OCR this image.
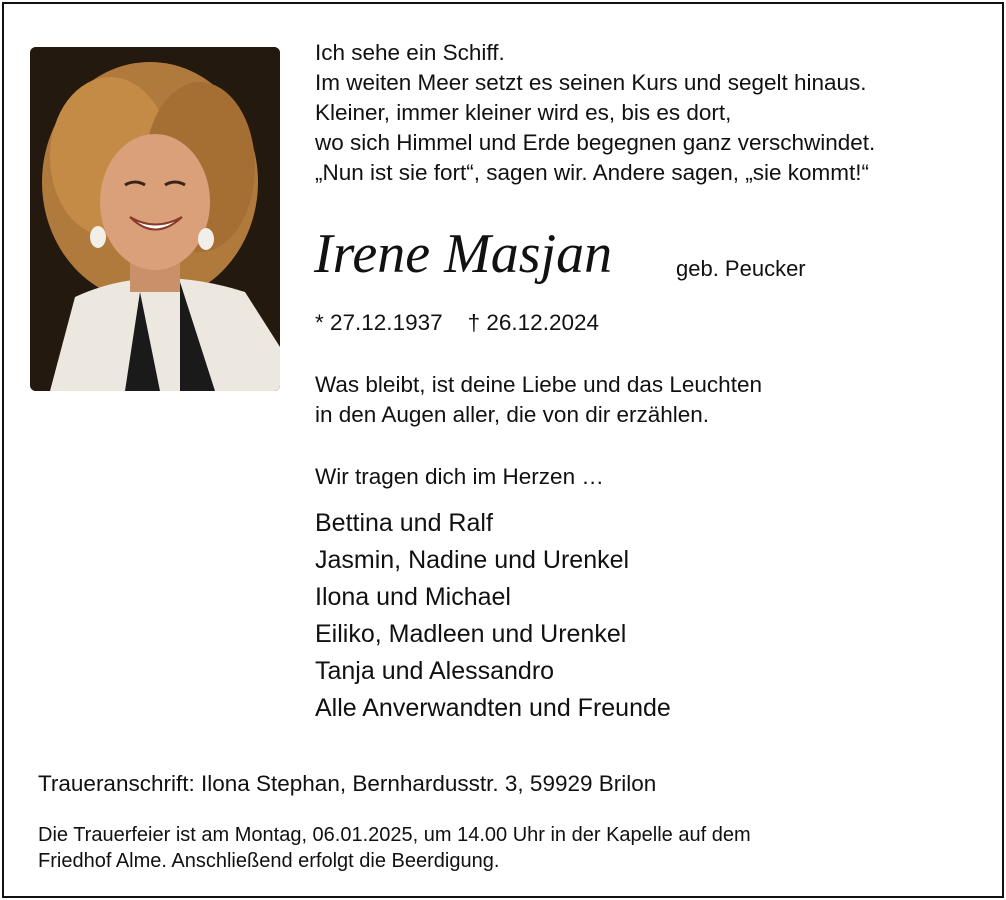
Ich sehe ein Schiff.
Im weiten Meer setzt es seinen Kurs und segelt hinaus.
Kleiner, immer kleiner wird es, bis es dort,
wo sich Himmel und Erde begegnen ganz verschwindet.
„Nun ist sie fort“, sagen wir. Andere sagen, „sie kommt!“
Irene Masjan	geb. Peucker
* 27.12.1937    † 26.12.2024
Was bleibt, ist deine Liebe und das Leuchten
in den Augen aller, die von dir erzählen.
Wir tragen dich im Herzen …
Bettina und Ralf
Jasmin, Nadine und Urenkel
Ilona und Michael
Eiliko, Madleen und Urenkel
Tanja und Alessandro
Alle Anverwandten und Freunde
Traueranschrift: Ilona Stephan, Bernhardusstr. 3, 59929 Brilon
Die Trauerfeier ist am Montag, 06.01.2025, um 14.00 Uhr in der Kapelle auf dem
Friedhof Alme. Anschließend erfolgt die Beerdigung.
